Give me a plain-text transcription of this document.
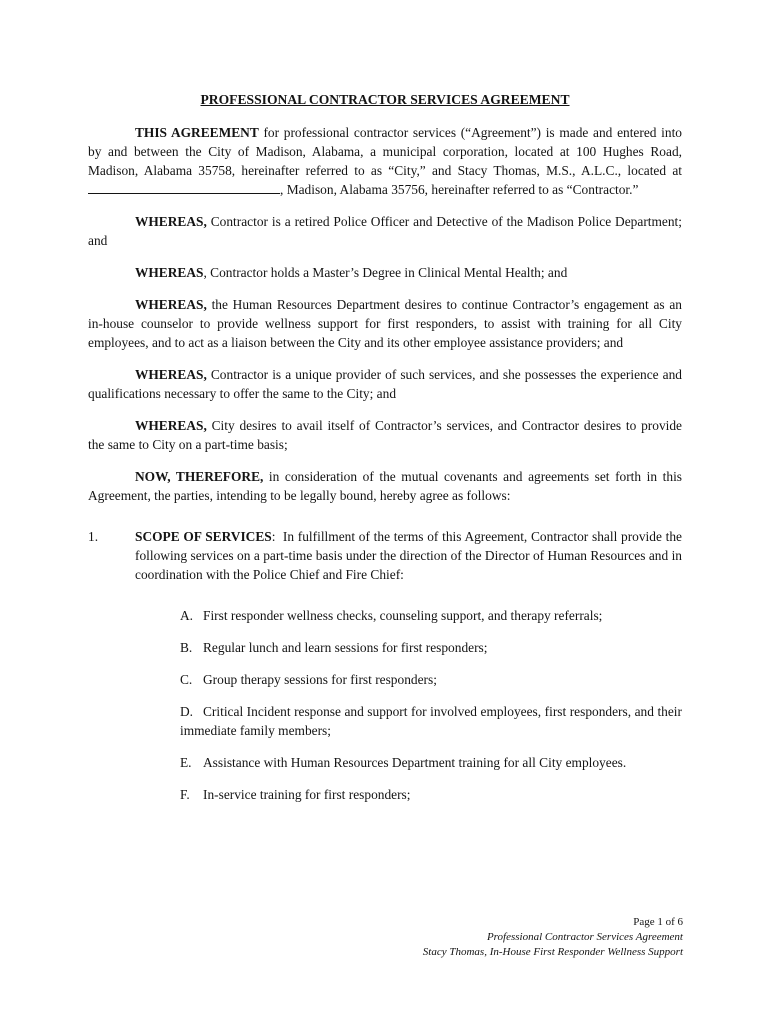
PROFESSIONAL CONTRACTOR SERVICES AGREEMENT

THIS AGREEMENT for professional contractor services (“Agreement”) is made and entered into by and between the City of Madison, Alabama, a municipal corporation, located at 100 Hughes Road, Madison, Alabama 35758, hereinafter referred to as “City,” and Stacy Thomas, M.S., A.L.C., located at , Madison, Alabama 35756, hereinafter referred to as “Contractor.”

WHEREAS, Contractor is a retired Police Officer and Detective of the Madison Police Department; and

WHEREAS, Contractor holds a Master’s Degree in Clinical Mental Health; and

WHEREAS, the Human Resources Department desires to continue Contractor’s engagement as an in-house counselor to provide wellness support for first responders, to assist with training for all City employees, and to act as a liaison between the City and its other employee assistance providers; and

WHEREAS, Contractor is a unique provider of such services, and she possesses the experience and qualifications necessary to offer the same to the City; and

WHEREAS, City desires to avail itself of Contractor’s services, and Contractor desires to provide the same to City on a part-time basis;

NOW, THEREFORE, in consideration of the mutual covenants and agreements set forth in this Agreement, the parties, intending to be legally bound, hereby agree as follows:

1.	SCOPE OF SERVICES:  In fulfillment of the terms of this Agreement, Contractor shall provide the following services on a part-time basis under the direction of the Director of Human Resources and in coordination with the Police Chief and Fire Chief:

A. First responder wellness checks, counseling support, and therapy referrals;

B. Regular lunch and learn sessions for first responders;

C. Group therapy sessions for first responders;

D. Critical Incident response and support for involved employees, first responders, and their immediate family members;

E. Assistance with Human Resources Department training for all City employees.

F. In-service training for first responders;

Page 1 of 6
Professional Contractor Services Agreement
Stacy Thomas, In-House First Responder Wellness Support
